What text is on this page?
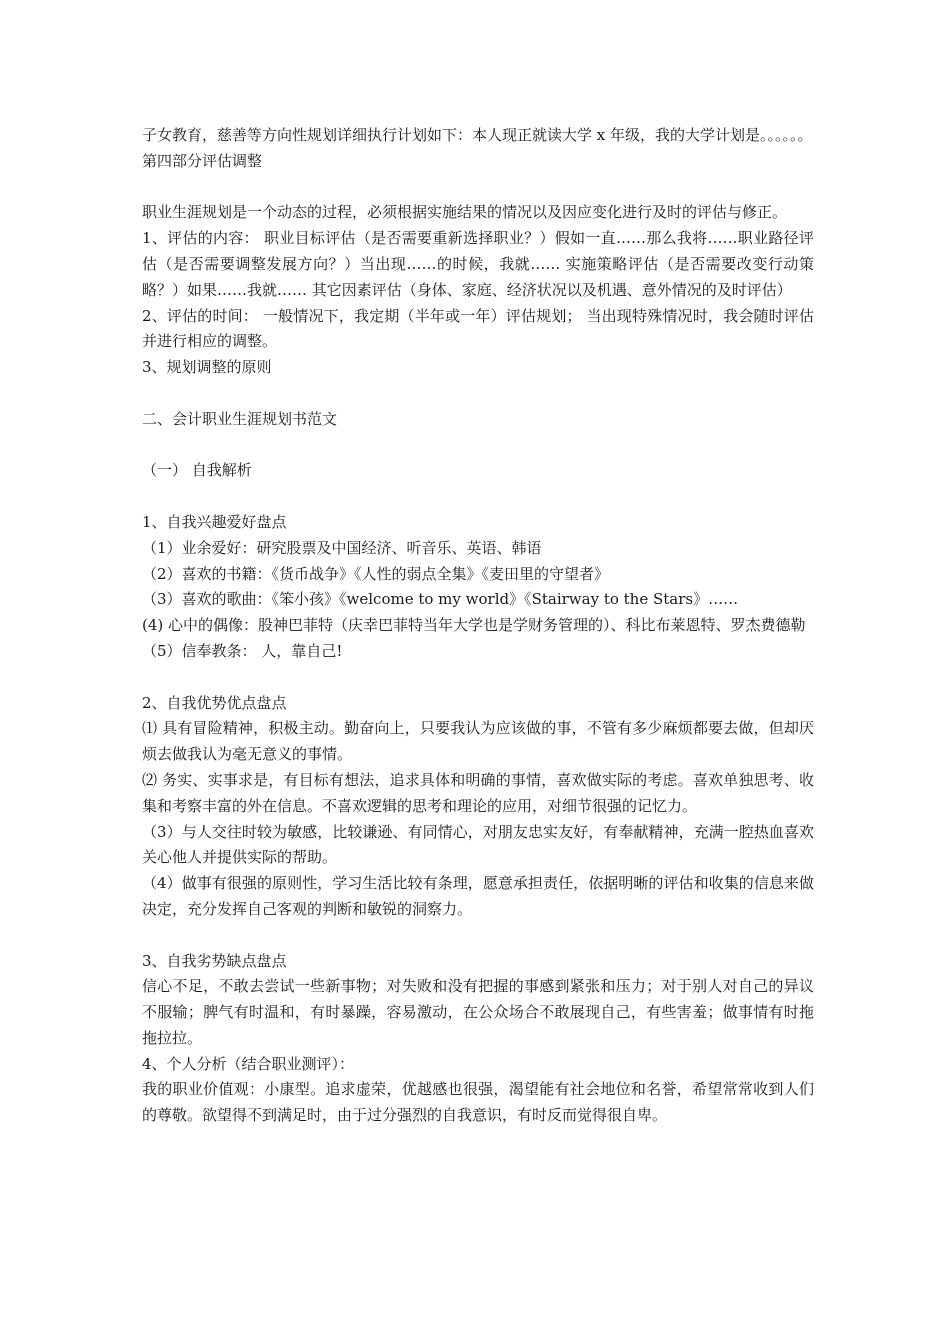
子女教育，慈善等方向性规划详细执行计划如下：本人现正就读大学 x 年级，我的大学计划是。。。。。。

第四部分评估调整

职业生涯规划是一个动态的过程，必须根据实施结果的情况以及因应变化进行及时的评估与修正。

1、评估的内容： 职业目标评估（是否需要重新选择职业？）假如一直……那么我将……职业路径评估（是否需要调整发展方向？）当出现……的时候，我就…… 实施策略评估（是否需要改变行动策略？）如果……我就…… 其它因素评估（身体、家庭、经济状况以及机遇、意外情况的及时评估）

2、评估的时间： 一般情况下，我定期（半年或一年）评估规划； 当出现特殊情况时，我会随时评估并进行相应的调整。

3、规划调整的原则

二、会计职业生涯规划书范文

（一） 自我解析

1、自我兴趣爱好盘点

（1）业余爱好：研究股票及中国经济、听音乐、英语、韩语

（2）喜欢的书籍：《货币战争》《人性的弱点全集》《麦田里的守望者》

（3）喜欢的歌曲：《笨小孩》《welcome to my world》《Stairway to the Stars》……

(4) 心中的偶像：股神巴菲特（庆幸巴菲特当年大学也是学财务管理的）、科比布莱恩特、罗杰费德勒

（5）信奉教条： 人，靠自己!

2、自我优势优点盘点

⑴ 具有冒险精神，积极主动。勤奋向上，只要我认为应该做的事，不管有多少麻烦都要去做，但却厌烦去做我认为毫无意义的事情。

⑵ 务实、实事求是，有目标有想法，追求具体和明确的事情，喜欢做实际的考虑。喜欢单独思考、收集和考察丰富的外在信息。不喜欢逻辑的思考和理论的应用，对细节很强的记忆力。

（3）与人交往时较为敏感，比较谦逊、有同情心，对朋友忠实友好，有奉献精神，充满一腔热血喜欢关心他人并提供实际的帮助。

（4）做事有很强的原则性，学习生活比较有条理，愿意承担责任，依据明晰的评估和收集的信息来做决定，充分发挥自己客观的判断和敏锐的洞察力。

3、自我劣势缺点盘点

信心不足，不敢去尝试一些新事物；对失败和没有把握的事感到紧张和压力；对于别人对自己的异议不服输；脾气有时温和，有时暴躁，容易激动，在公众场合不敢展现自己，有些害羞；做事情有时拖拖拉拉。

4、个人分析（结合职业测评）：

我的职业价值观：小康型。追求虚荣，优越感也很强，渴望能有社会地位和名誉，希望常常收到人们的尊敬。欲望得不到满足时，由于过分强烈的自我意识，有时反而觉得很自卑。
